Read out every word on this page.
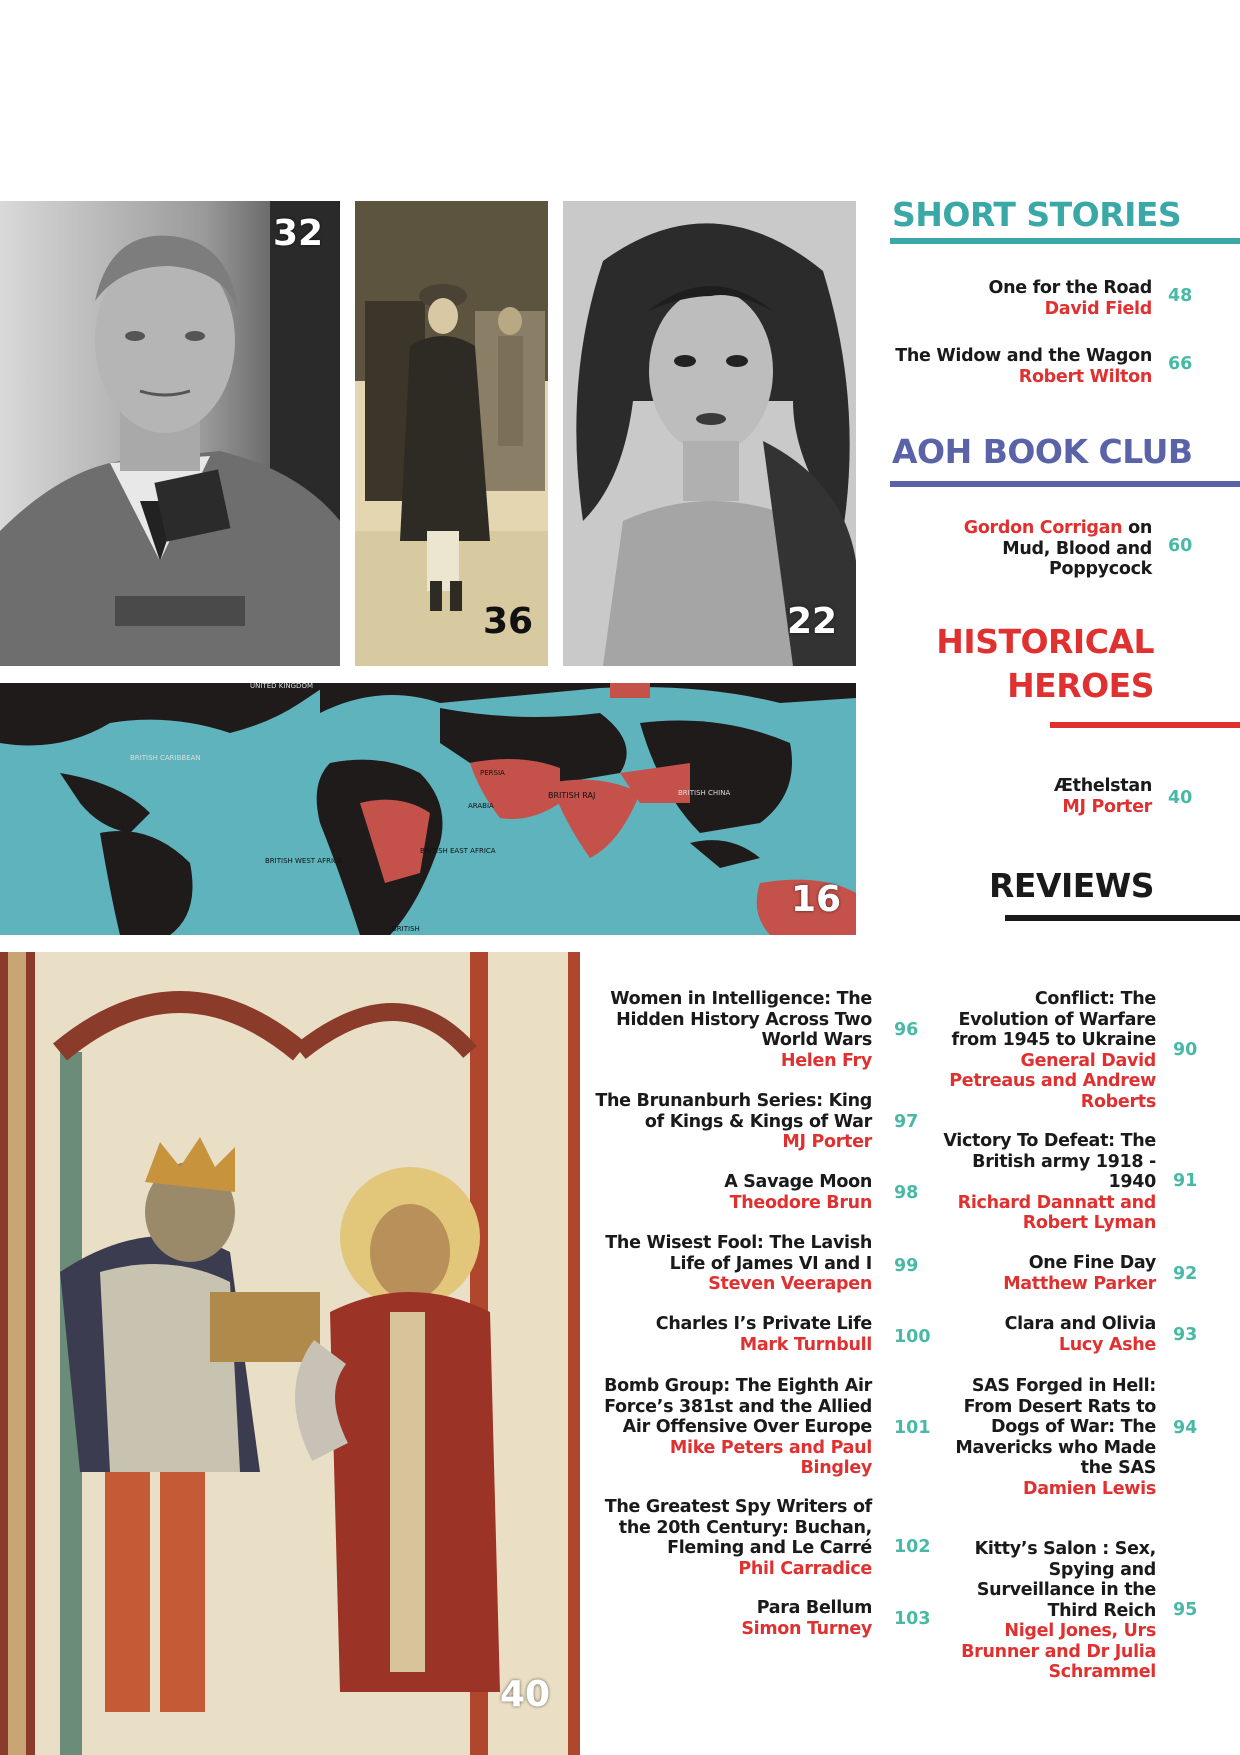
32
36	22
BRITISH CARIBBEAN
BRITISH WEST AFRICA
PERSIA
ARABIA
BRITISH RAJ	BRITISH CHINA
BRITISH EAST AFRICA
BRITISH
UNITED KINGDOM
16
40
SHORT STORIES
One for the Road
David Field
48
The Widow and the Wagon
Robert Wilton
66
AOH BOOK CLUB
Gordon Corrigan on
Mud, Blood and
Poppycock
60
HISTORICAL
HEROES
Æthelstan
MJ Porter 40
REVIEWS
Women in Intelligence: The
Hidden History Across Two
World Wars
Helen Fry
96
The Brunanburh Series: King
of Kings & Kings of War
MJ Porter
97
A Savage Moon
Theodore Brun 98
The Wisest Fool: The Lavish
Life of James VI and I
Steven Veerapen
99
Charles I’s Private Life
Mark Turnbull 100
Bomb Group: The Eighth Air
Force’s 381st and the Allied
Air Offensive Over Europe
Mike Peters and Paul
Bingley
101
The Greatest Spy Writers of
the 20th Century: Buchan,
Fleming and Le Carré
Phil Carradice
102
Para Bellum
Simon Turney 103
Conflict: The
Evolution of Warfare
from 1945 to Ukraine
General David
Petreaus and Andrew
Roberts
90
Victory To Defeat: The
British army 1918 -
1940
Richard Dannatt and
Robert Lyman
91
One Fine Day
Matthew Parker 92
Clara and Olivia
Lucy Ashe 93
SAS Forged in Hell:
From Desert Rats to
Dogs of War: The
Mavericks who Made
the SAS
Damien Lewis
94
Kitty’s Salon : Sex,
Spying and
Surveillance in the
Third Reich
Nigel Jones, Urs
Brunner and Dr Julia
Schrammel
95
